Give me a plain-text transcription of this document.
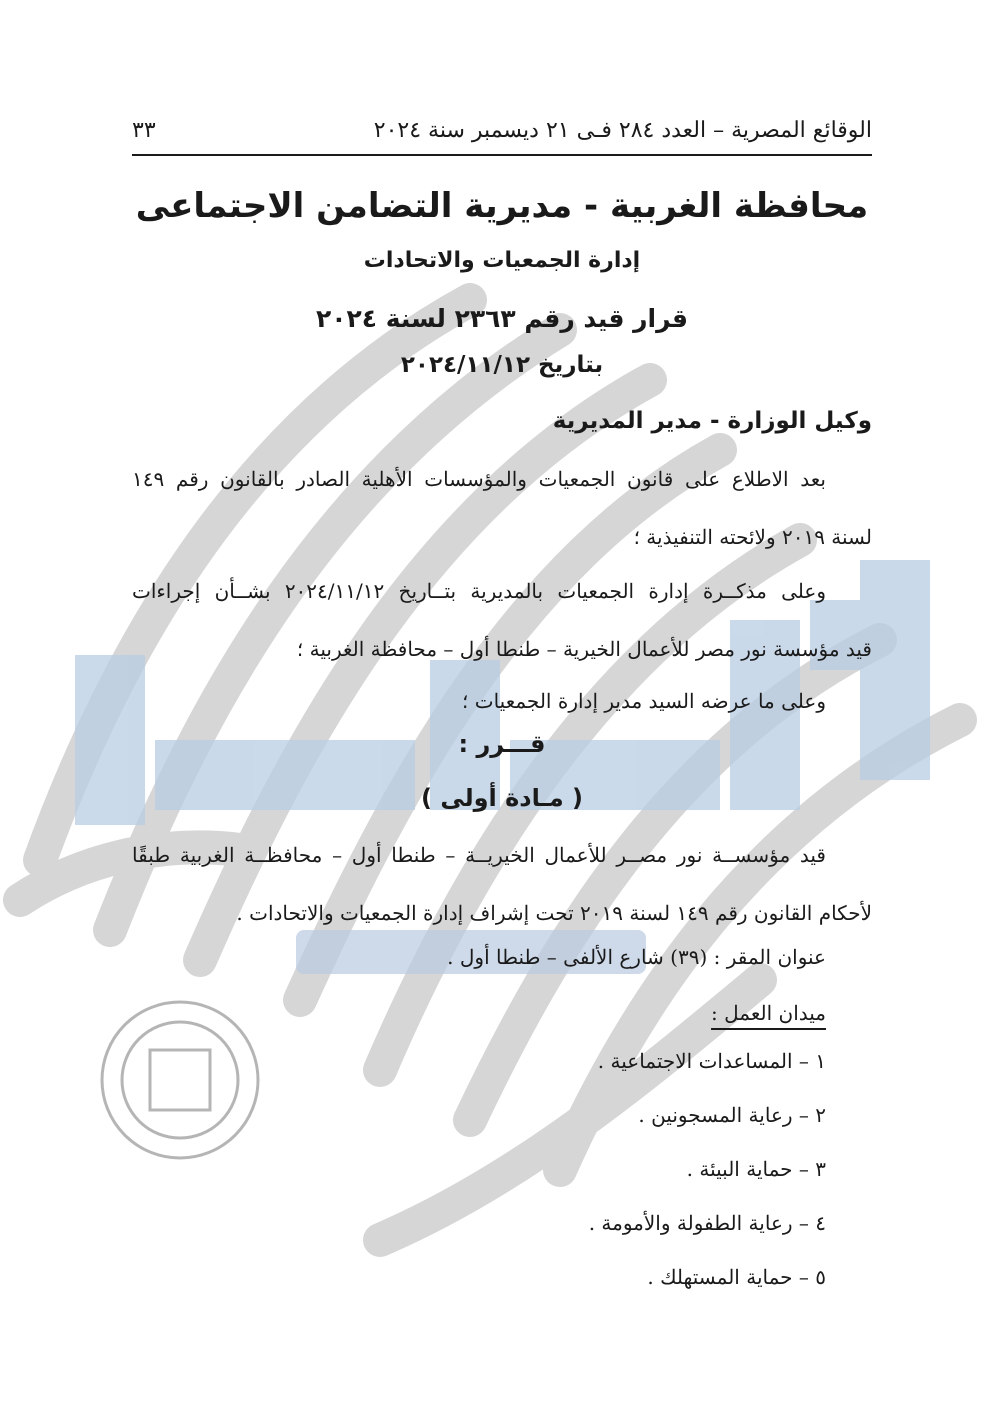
الوقائع المصرية – العدد ٢٨٤ فـى ٢١ ديسمبر سنة ٢٠٢٤
٣٣
محافظة الغربية - مديرية التضامن الاجتماعى
إدارة الجمعيات والاتحادات
قرار قيد رقم ٢٣٦٣ لسنة ٢٠٢٤
بتاريخ ٢٠٢٤/١١/١٢
وكيل الوزارة - مدير المديرية
بعد الاطلاع على قانون الجمعيات والمؤسسات الأهلية الصادر بالقانون رقم ١٤٩
لسنة ٢٠١٩ ولائحته التنفيذية ؛
وعلى مذكــرة إدارة الجمعيات بالمديرية بتــاريخ ٢٠٢٤/١١/١٢ بشــأن إجراءات
قيد مؤسسة نور مصر للأعمال الخيرية – طنطا أول – محافظة الغربية ؛
وعلى ما عرضه السيد مدير إدارة الجمعيات ؛
قـــرر :
( مـادة أولى )
قيد مؤسســة نور مصــر للأعمال الخيريــة – طنطا أول – محافظــة الغربية طبقًا
لأحكام القانون رقم ١٤٩ لسنة ٢٠١٩ تحت إشراف إدارة الجمعيات والاتحادات .
عنوان المقر : (٣٩) شارع الألفى – طنطا أول .
ميدان العمل :
١ – المساعدات الاجتماعية .
٢ – رعاية المسجونين .
٣ – حماية البيئة .
٤ – رعاية الطفولة والأمومة .
٥ – حماية المستهلك .
